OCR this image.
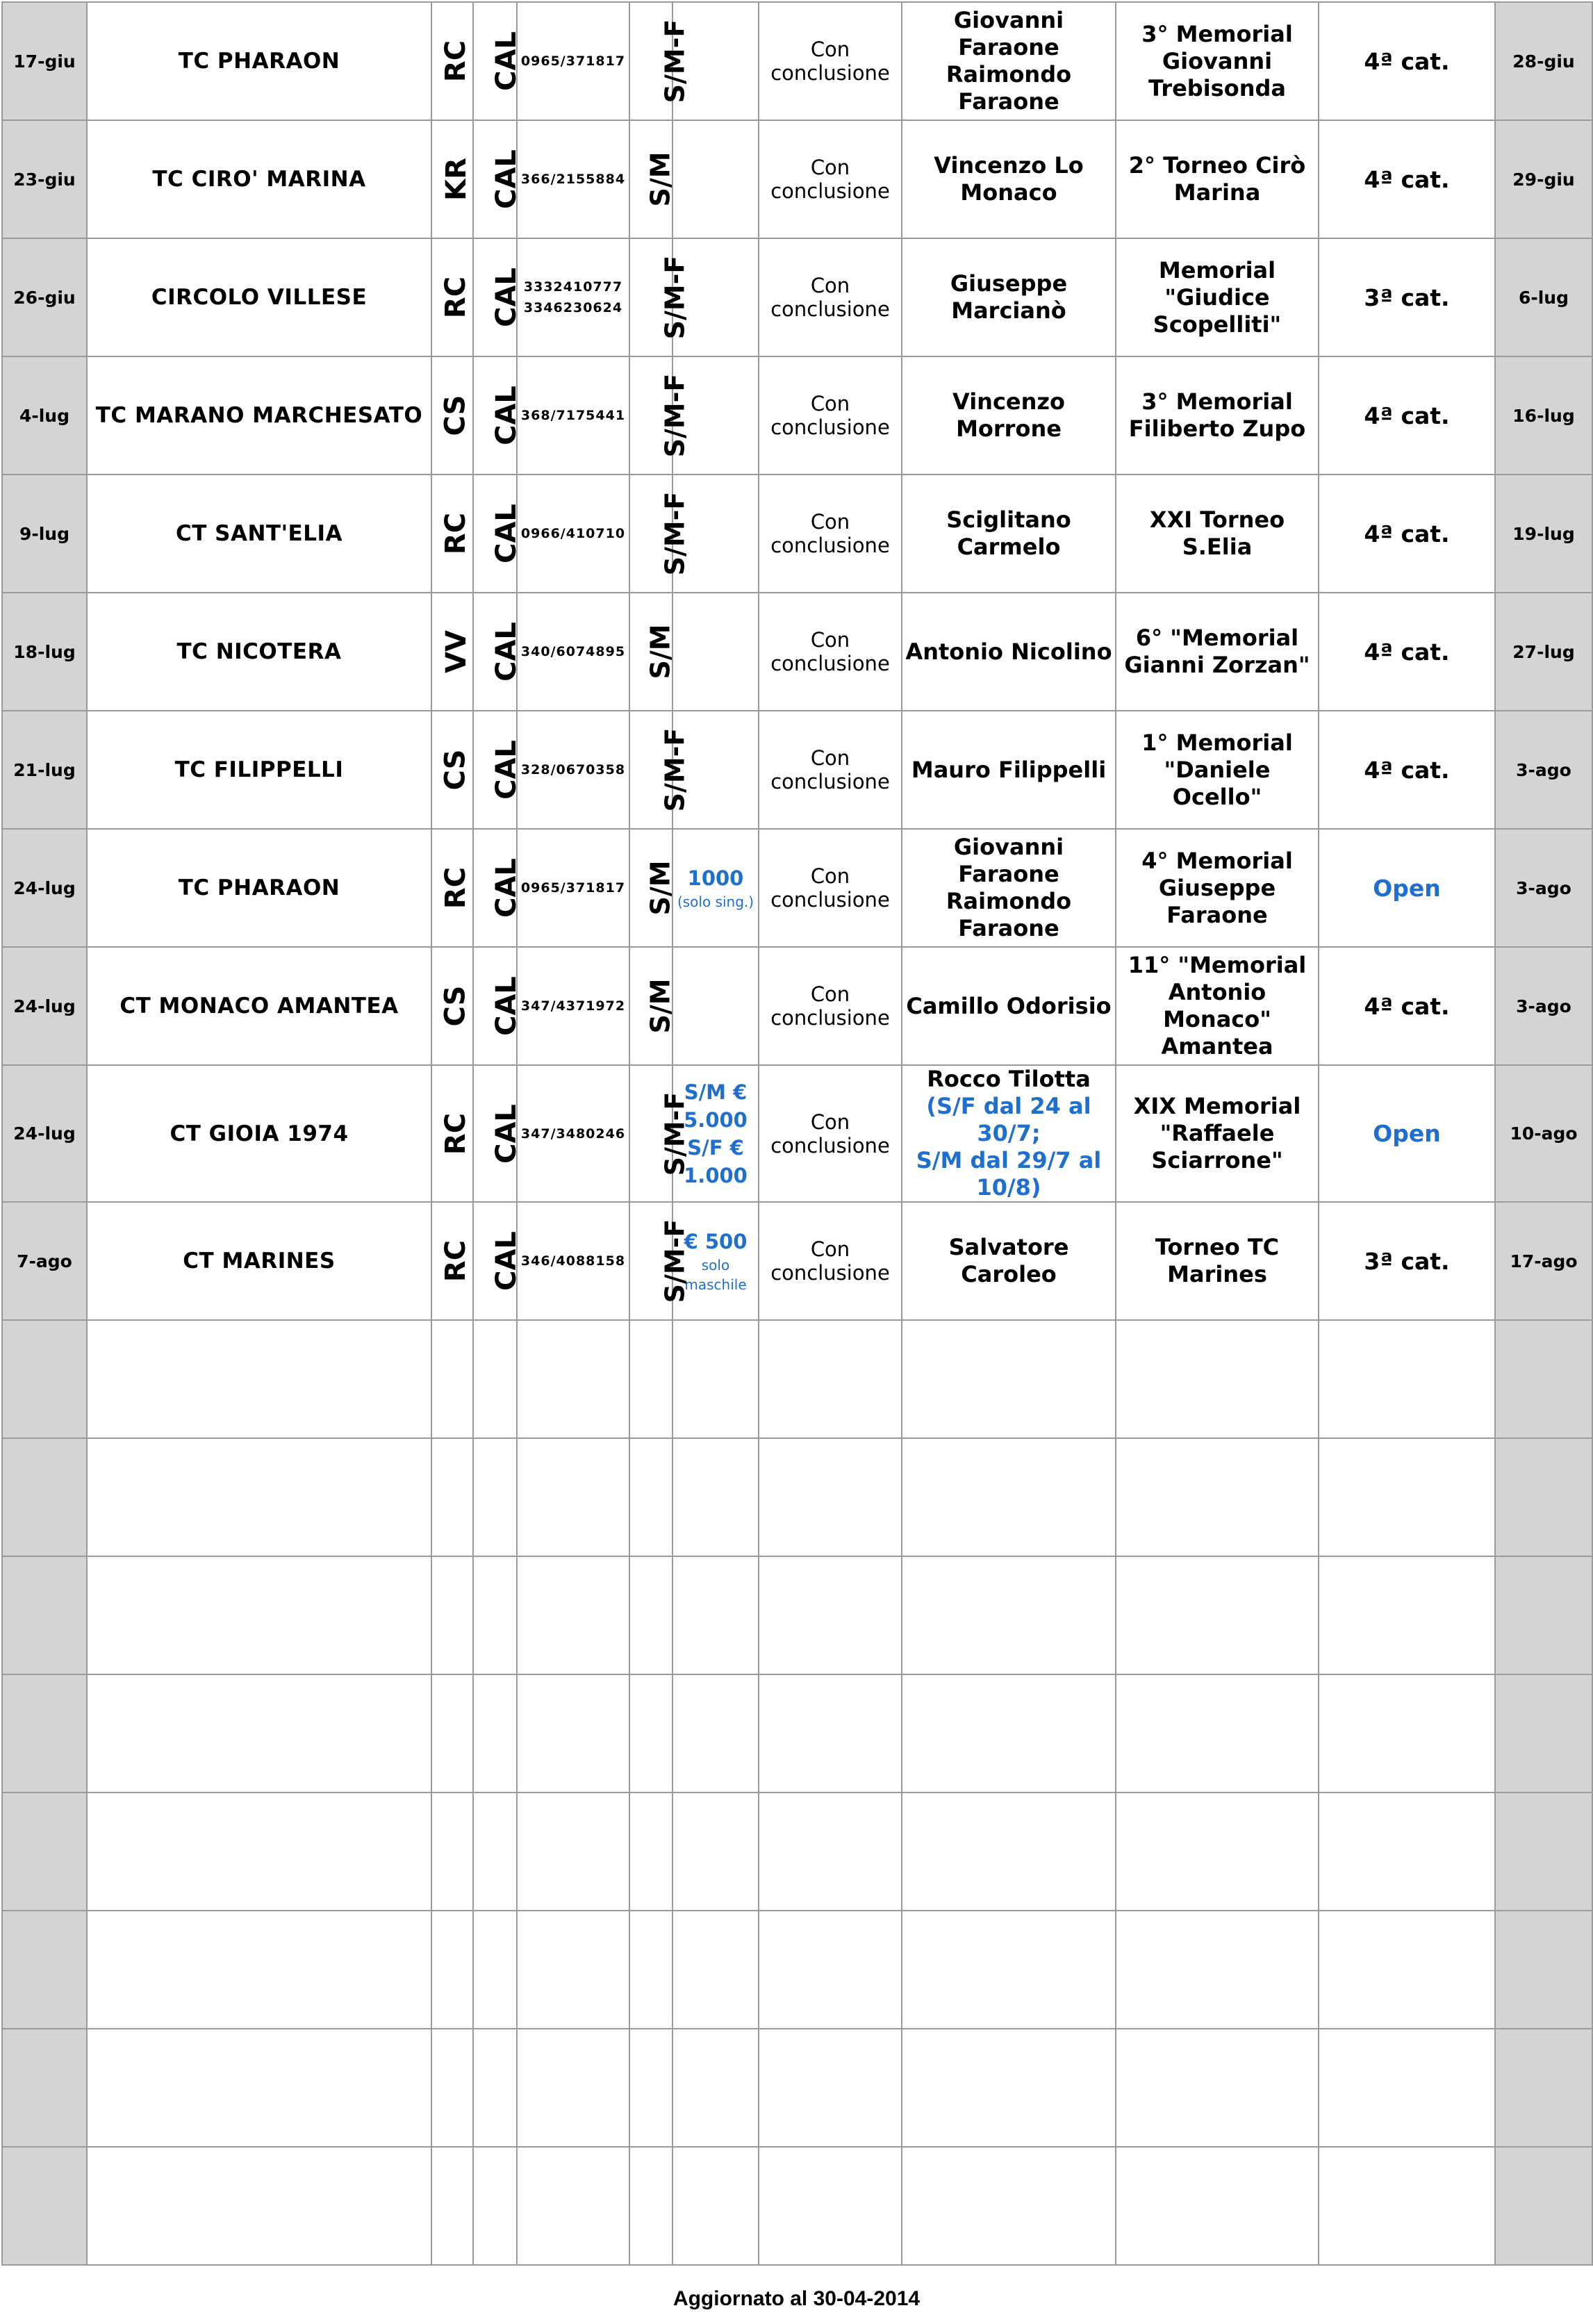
17-giu	TC PHARAON	RC	CAL	0965/371817	S/M-F		Con
conclusione	Giovanni Faraone
Raimondo Faraone	3° Memorial
Giovanni
Trebisonda	4ª cat.	28-giu
23-giu	TC CIRO' MARINA	KR	CAL	366/2155884	S/M		Con
conclusione	Vincenzo Lo
Monaco	2° Torneo Cirò
Marina	4ª cat.	29-giu
26-giu	CIRCOLO VILLESE	RC	CAL	3332410777
3346230624	S/M-F		Con
conclusione	Giuseppe
Marcianò	Memorial
"Giudice
Scopelliti"	3ª cat.	6-lug
4-lug	TC MARANO MARCHESATO	CS	CAL	368/7175441	S/M-F		Con
conclusione	Vincenzo Morrone	3° Memorial
Filiberto Zupo	4ª cat.	16-lug
9-lug	CT SANT'ELIA	RC	CAL	0966/410710	S/M-F		Con
conclusione	Sciglitano Carmelo	XXI Torneo S.Elia	4ª cat.	19-lug
18-lug	TC NICOTERA	VV	CAL	340/6074895	S/M		Con
conclusione	Antonio Nicolino	6° "Memorial
Gianni Zorzan"	4ª cat.	27-lug
21-lug	TC FILIPPELLI	CS	CAL	328/0670358	S/M-F		Con
conclusione	Mauro Filippelli	1° Memorial
"Daniele Ocello"	4ª cat.	3-ago
24-lug	TC PHARAON	RC	CAL	0965/371817	S/M	1000
(solo sing.)	Con
conclusione	Giovanni Faraone
Raimondo Faraone	4° Memorial
Giuseppe Faraone	Open	3-ago
24-lug	CT MONACO AMANTEA	CS	CAL	347/4371972	S/M		Con
conclusione	Camillo Odorisio	11° "Memorial
Antonio Monaco"
Amantea	4ª cat.	3-ago
24-lug	CT GIOIA 1974	RC	CAL	347/3480246	S/M-F	S/M €
5.000
S/F €
1.000	Con
conclusione	Rocco Tilotta
(S/F dal 24 al 30/7;
S/M dal 29/7 al
10/8)	XIX Memorial
"Raffaele
Sciarrone"	Open	10-ago
7-ago	CT MARINES	RC	CAL	346/4088158	S/M-F	€ 500
solo maschile	Con
conclusione	Salvatore Caroleo	Torneo TC Marines	3ª cat.	17-ago

Aggiornato al 30-04-2014
